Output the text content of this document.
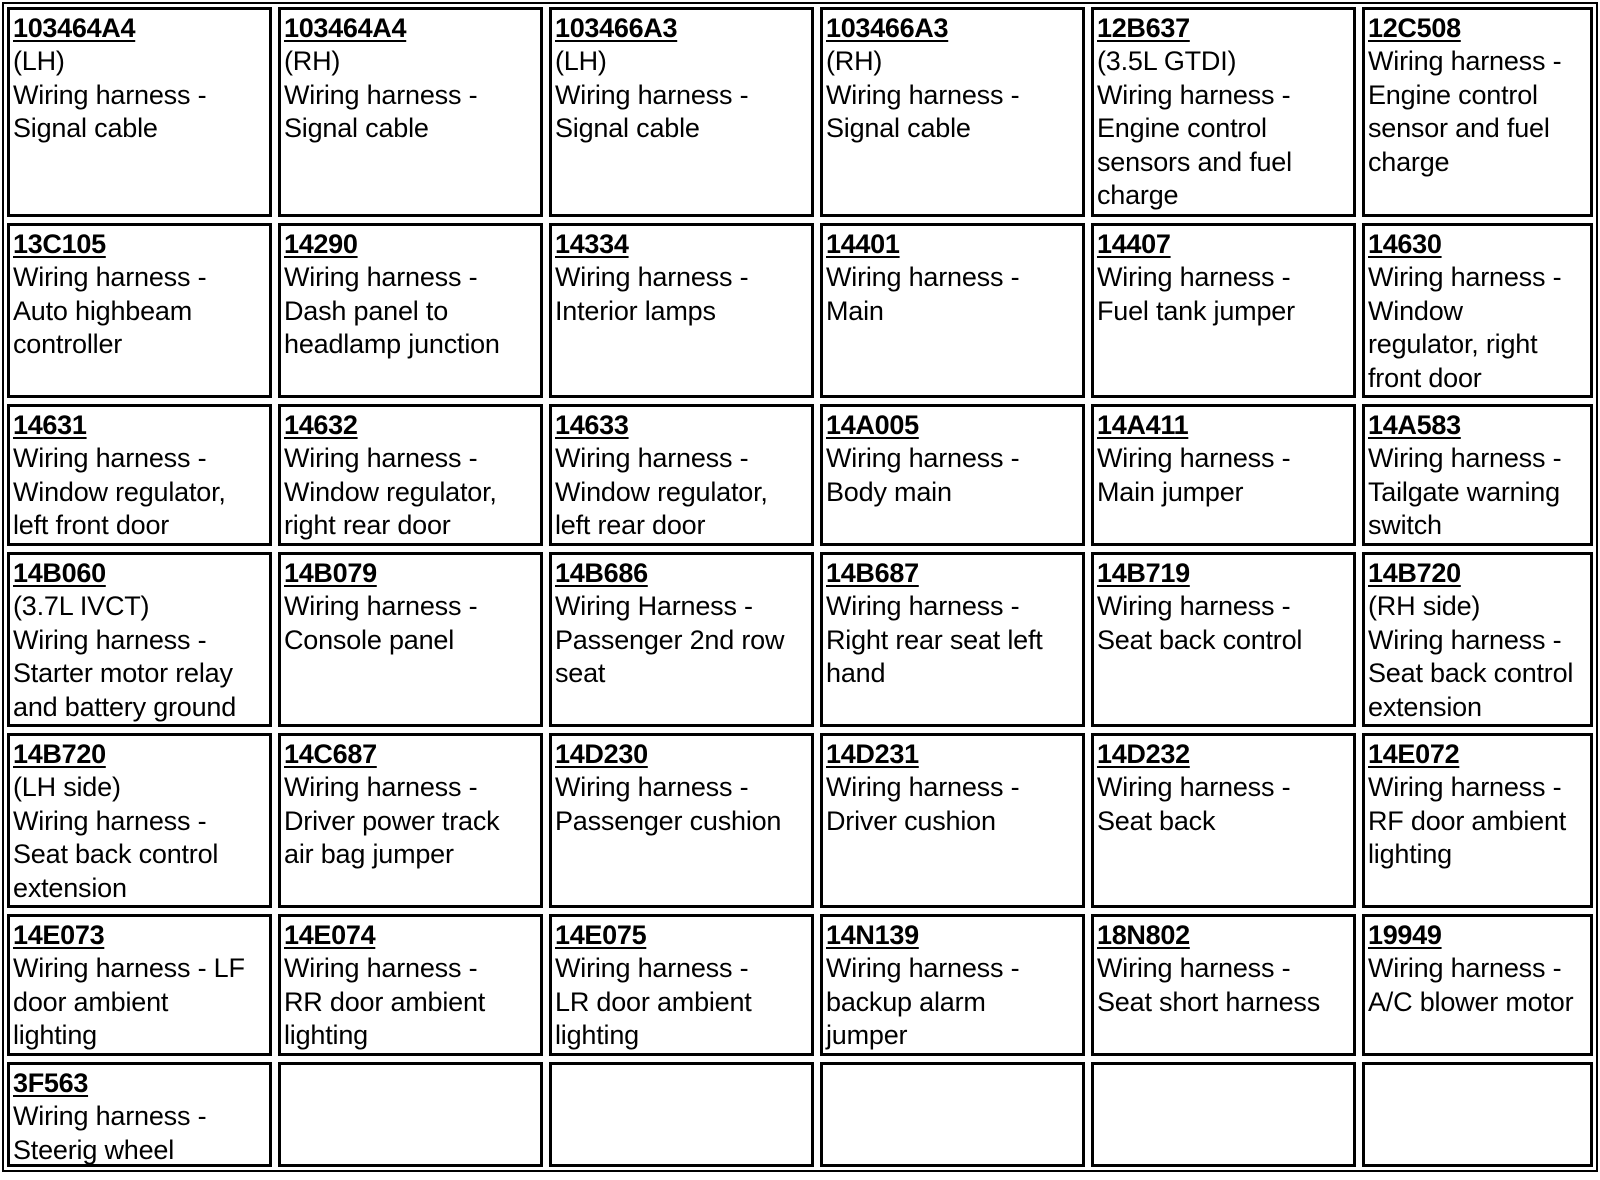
103464A4
(LH)
Wiring harness -
Signal cable
103464A4
(RH)
Wiring harness -
Signal cable
103466A3
(LH)
Wiring harness -
Signal cable
103466A3
(RH)
Wiring harness -
Signal cable
12B637
(3.5L GTDI)
Wiring harness -
Engine control
sensors and fuel
charge
12C508
Wiring harness -
Engine control
sensor and fuel
charge
13C105
Wiring harness -
Auto highbeam
controller
14290
Wiring harness -
Dash panel to
headlamp junction
14334
Wiring harness -
Interior lamps
14401
Wiring harness -
Main
14407
Wiring harness -
Fuel tank jumper
14630
Wiring harness -
Window
regulator, right
front door
14631
Wiring harness -
Window regulator,
left front door
14632
Wiring harness -
Window regulator,
right rear door
14633
Wiring harness -
Window regulator,
left rear door
14A005
Wiring harness -
Body main
14A411
Wiring harness -
Main jumper
14A583
Wiring harness -
Tailgate warning
switch
14B060
(3.7L IVCT)
Wiring harness -
Starter motor relay
and battery ground
14B079
Wiring harness -
Console panel
14B686
Wiring Harness -
Passenger 2nd row
seat
14B687
Wiring harness -
Right rear seat left
hand
14B719
Wiring harness -
Seat back control
14B720
(RH side)
Wiring harness -
Seat back control
extension
14B720
(LH side)
Wiring harness -
Seat back control
extension
14C687
Wiring harness -
Driver power track
air bag jumper
14D230
Wiring harness -
Passenger cushion
14D231
Wiring harness -
Driver cushion
14D232
Wiring harness -
Seat back
14E072
Wiring harness -
RF door ambient
lighting
14E073
Wiring harness - LF
door ambient
lighting
14E074
Wiring harness -
RR door ambient
lighting
14E075
Wiring harness -
LR door ambient
lighting
14N139
Wiring harness -
backup alarm
jumper
18N802
Wiring harness -
Seat short harness
19949
Wiring harness -
A/C blower motor
3F563
Wiring harness -
Steerig wheel
